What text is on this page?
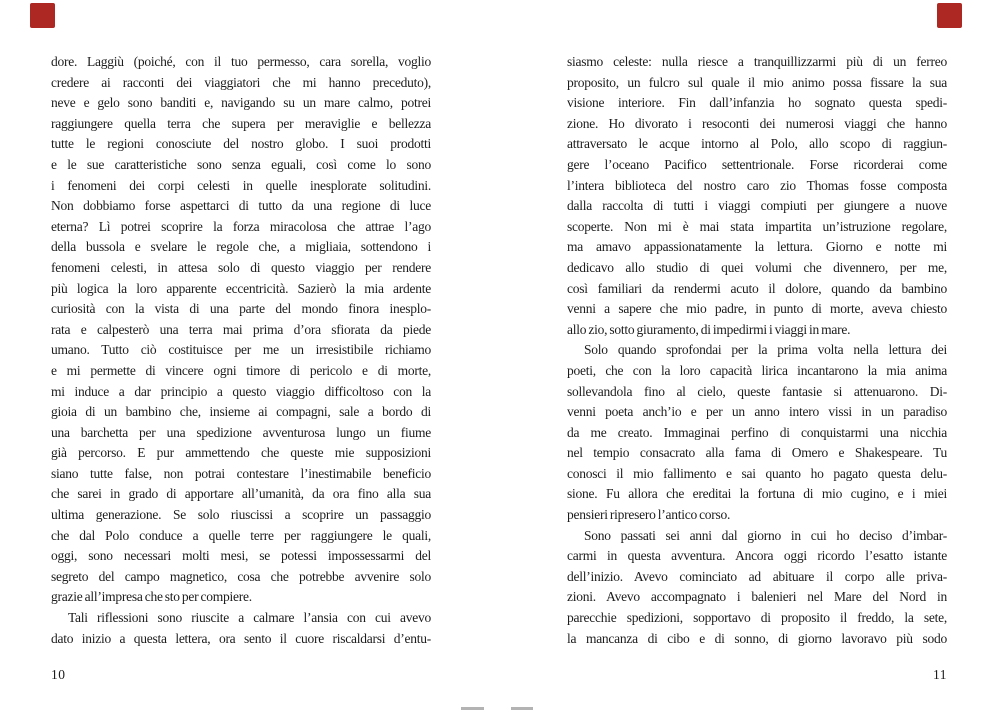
dore. Laggiù (poiché, con il tuo permesso, cara sorella, voglio
credere ai racconti dei viaggiatori che mi hanno preceduto),
neve e gelo sono banditi e, navigando su un mare calmo, potrei
raggiungere quella terra che supera per meraviglie e bellezza
tutte le regioni conosciute del nostro globo. I suoi prodotti
e le sue caratteristiche sono senza eguali, così come lo sono
i fenomeni dei corpi celesti in quelle inesplorate solitudini.
Non dobbiamo forse aspettarci di tutto da una regione di luce
eterna? Lì potrei scoprire la forza miracolosa che attrae l’ago
della bussola e svelare le regole che, a migliaia, sottendono i
fenomeni celesti, in attesa solo di questo viaggio per rendere
più logica la loro apparente eccentricità. Sazierò la mia ardente
curiosità con la vista di una parte del mondo finora inesplo-
rata e calpesterò una terra mai prima d’ora sfiorata da piede
umano. Tutto ciò costituisce per me un irresistibile richiamo
e mi permette di vincere ogni timore di pericolo e di morte,
mi induce a dar principio a questo viaggio difficoltoso con la
gioia di un bambino che, insieme ai compagni, sale a bordo di
una barchetta per una spedizione avventurosa lungo un fiume
già percorso. E pur ammettendo che queste mie supposizioni
siano tutte false, non potrai contestare l’inestimabile beneficio
che sarei in grado di apportare all’umanità, da ora fino alla sua
ultima generazione. Se solo riuscissi a scoprire un passaggio
che dal Polo conduce a quelle terre per raggiungere le quali,
oggi, sono necessari molti mesi, se potessi impossessarmi del
segreto del campo magnetico, cosa che potrebbe avvenire solo
grazie all’impresa che sto per compiere.
Tali riflessioni sono riuscite a calmare l’ansia con cui avevo
dato inizio a questa lettera, ora sento il cuore riscaldarsi d’entu-
siasmo celeste: nulla riesce a tranquillizzarmi più di un ferreo
proposito, un fulcro sul quale il mio animo possa fissare la sua
visione interiore. Fin dall’infanzia ho sognato questa spedi-
zione. Ho divorato i resoconti dei numerosi viaggi che hanno
attraversato le acque intorno al Polo, allo scopo di raggiun-
gere l’oceano Pacifico settentrionale. Forse ricorderai come
l’intera biblioteca del nostro caro zio Thomas fosse composta
dalla raccolta di tutti i viaggi compiuti per giungere a nuove
scoperte. Non mi è mai stata impartita un’istruzione regolare,
ma amavo appassionatamente la lettura. Giorno e notte mi
dedicavo allo studio di quei volumi che divennero, per me,
così familiari da rendermi acuto il dolore, quando da bambino
venni a sapere che mio padre, in punto di morte, aveva chiesto
allo zio, sotto giuramento, di impedirmi i viaggi in mare.
Solo quando sprofondai per la prima volta nella lettura dei
poeti, che con la loro capacità lirica incantarono la mia anima
sollevandola fino al cielo, queste fantasie si attenuarono. Di-
venni poeta anch’io e per un anno intero vissi in un paradiso
da me creato. Immaginai perfino di conquistarmi una nicchia
nel tempio consacrato alla fama di Omero e Shakespeare. Tu
conosci il mio fallimento e sai quanto ho pagato questa delu-
sione. Fu allora che ereditai la fortuna di mio cugino, e i miei
pensieri ripresero l’antico corso.
Sono passati sei anni dal giorno in cui ho deciso d’imbar-
carmi in questa avventura. Ancora oggi ricordo l’esatto istante
dell’inizio. Avevo cominciato ad abituare il corpo alle priva-
zioni. Avevo accompagnato i balenieri nel Mare del Nord in
parecchie spedizioni, sopportavo di proposito il freddo, la sete,
la mancanza di cibo e di sonno, di giorno lavoravo più sodo
10	11
